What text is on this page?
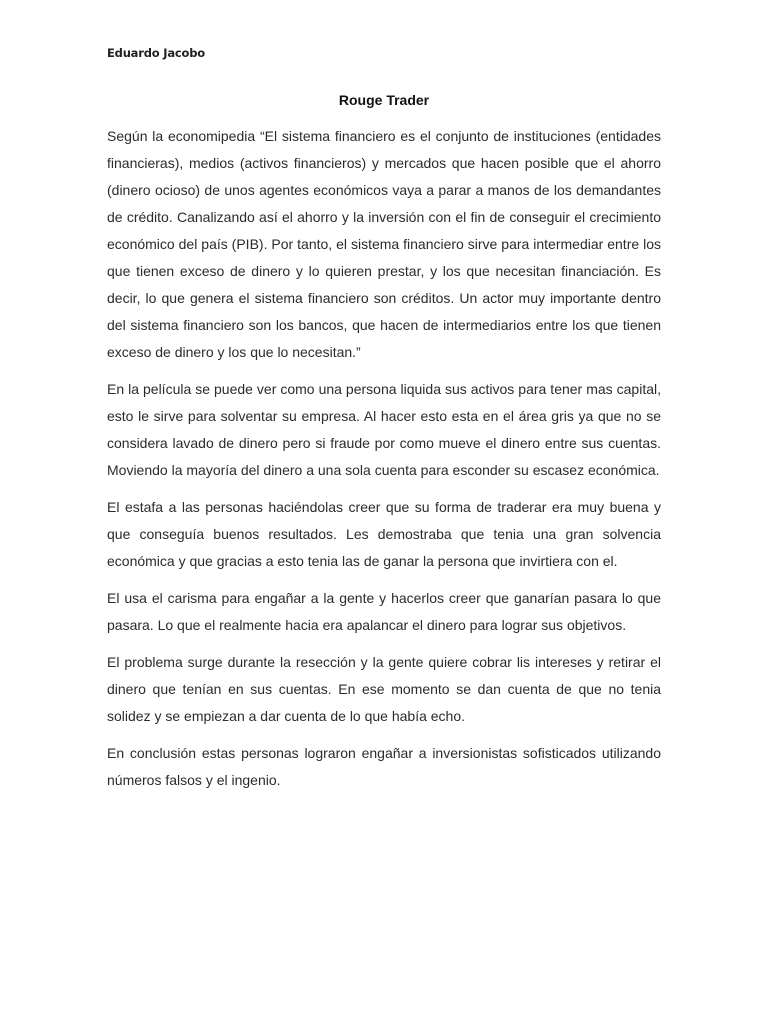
Eduardo Jacobo
Rouge Trader

Según la economipedia “El sistema financiero es el conjunto de instituciones (entidades financieras), medios (activos financieros) y mercados que hacen posible que el ahorro (dinero ocioso) de unos agentes económicos vaya a parar a manos de los demandantes de crédito. Canalizando así el ahorro y la inversión con el fin de conseguir el crecimiento económico del país (PIB). Por tanto, el sistema financiero sirve para intermediar entre los que tienen exceso de dinero y lo quieren prestar, y los que necesitan financiación. Es decir, lo que genera el sistema financiero son créditos. Un actor muy importante dentro del sistema financiero son los bancos, que hacen de intermediarios entre los que tienen exceso de dinero y los que lo necesitan.”

En la película se puede ver como una persona liquida sus activos para tener mas capital, esto le sirve para solventar su empresa. Al hacer esto esta en el área gris ya que no se considera lavado de dinero pero si fraude por como mueve el dinero entre sus cuentas. Moviendo la mayoría del dinero a una sola cuenta para esconder su escasez económica.

El estafa a las personas haciéndolas creer que su forma de traderar era muy buena y que conseguía buenos resultados. Les demostraba que tenia una gran solvencia económica y que gracias a esto tenia las de ganar la persona que invirtiera con el.

El usa el carisma para engañar a la gente y hacerlos creer que ganarían pasara lo que pasara. Lo que el realmente hacia era apalancar el dinero para lograr sus objetivos.

El problema surge durante la resección y la gente quiere cobrar lis intereses y retirar el dinero que tenían en sus cuentas. En ese momento se dan cuenta de que no tenia solidez y se empiezan a dar cuenta de lo que había echo.

En conclusión estas personas lograron engañar a inversionistas sofisticados utilizando números falsos y el ingenio.
